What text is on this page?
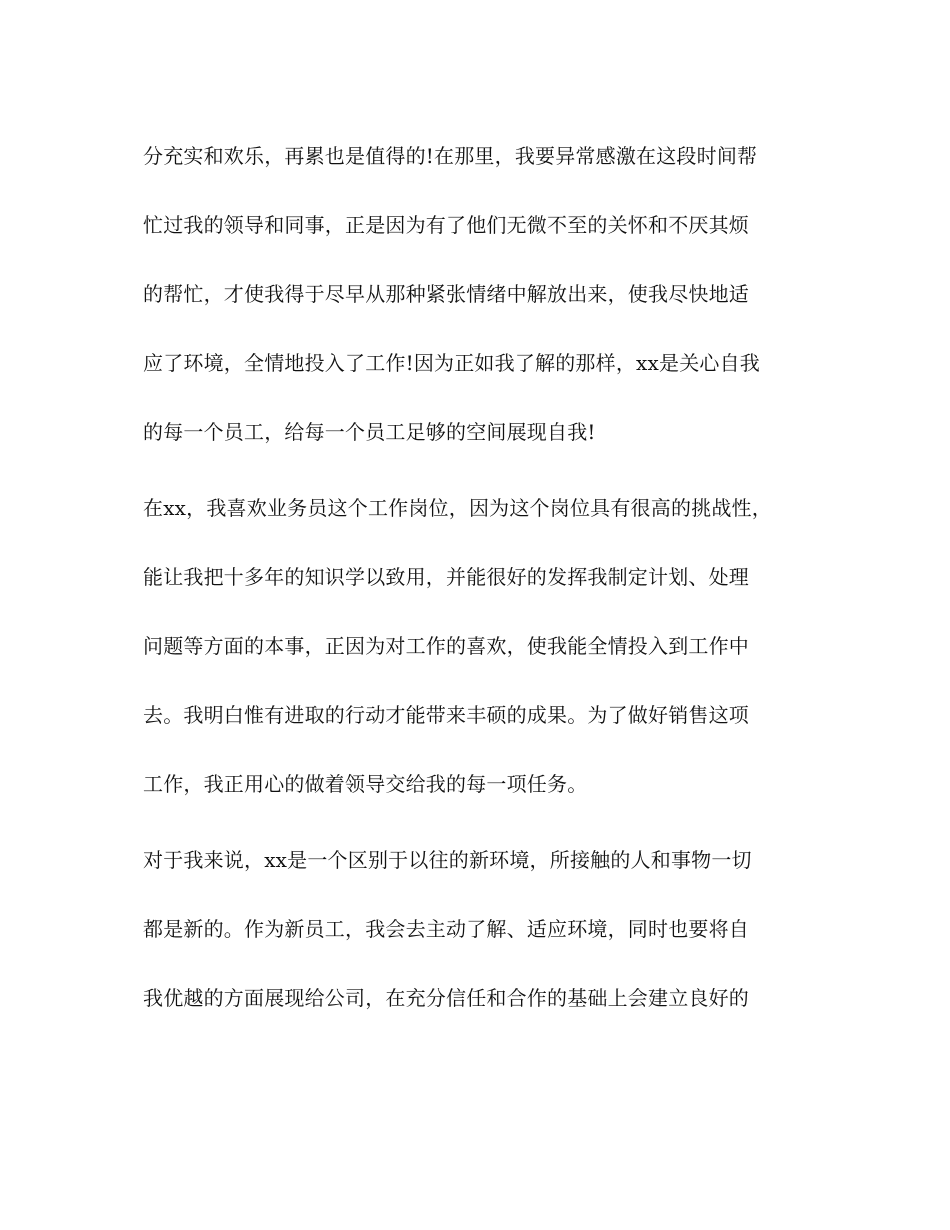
分充实和欢乐，再累也是值得的!在那里，我要异常感激在这段时间帮
忙过我的领导和同事，正是因为有了他们无微不至的关怀和不厌其烦
的帮忙，才使我得于尽早从那种紧张情绪中解放出来，使我尽快地适
应了环境，全情地投入了工作!因为正如我了解的那样，xx是关心自我
的每一个员工，给每一个员工足够的空间展现自我!
在xx，我喜欢业务员这个工作岗位，因为这个岗位具有很高的挑战性，
能让我把十多年的知识学以致用，并能很好的发挥我制定计划、处理
问题等方面的本事，正因为对工作的喜欢，使我能全情投入到工作中
去。我明白惟有进取的行动才能带来丰硕的成果。为了做好销售这项
工作，我正用心的做着领导交给我的每一项任务。
对于我来说，xx是一个区别于以往的新环境，所接触的人和事物一切
都是新的。作为新员工，我会去主动了解、适应环境，同时也要将自
我优越的方面展现给公司，在充分信任和合作的基础上会建立良好的
